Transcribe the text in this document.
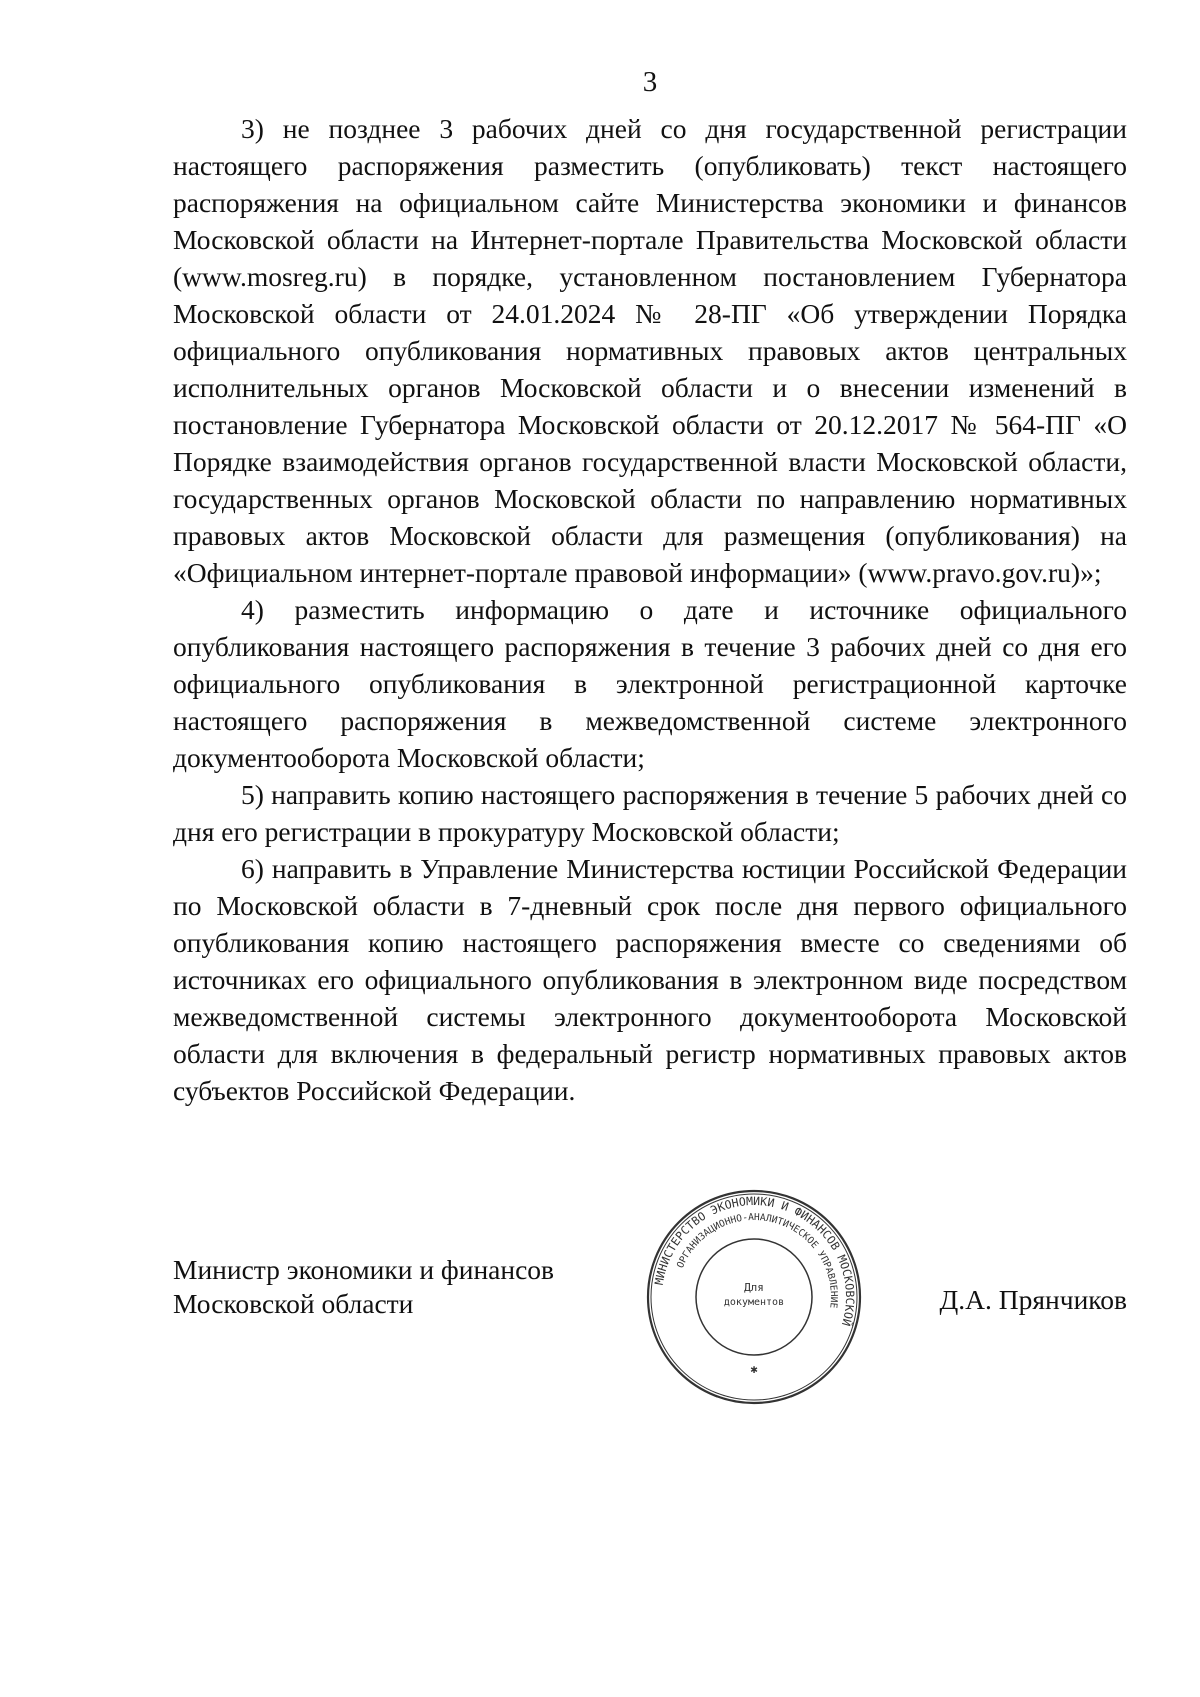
3

3) не позднее 3 рабочих дней со дня государственной регистрации настоящего распоряжения разместить (опубликовать) текст настоящего распоряжения на официальном сайте Министерства экономики и финансов Московской области на Интернет-портале Правительства Московской области (www.mosreg.ru) в порядке, установленном постановлением Губернатора Московской области от 24.01.2024 № 28-ПГ «Об утверждении Порядка официального опубликования нормативных правовых актов центральных исполнительных органов Московской области и о внесении изменений в постановление Губернатора Московской области от 20.12.2017 № 564-ПГ «О Порядке взаимодействия органов государственной власти Московской области, государственных органов Московской области по направлению нормативных правовых актов Московской области для размещения (опубликования) на «Официальном интернет-портале правовой информации» (www.pravo.gov.ru)»;

4) разместить информацию о дате и источнике официального опубликования настоящего распоряжения в течение 3 рабочих дней со дня его официального опубликования в электронной регистрационной карточке настоящего распоряжения в межведомственной системе электронного документооборота Московской области;

5) направить копию настоящего распоряжения в течение 5 рабочих дней со дня его регистрации в прокуратуру Московской области;

6) направить в Управление Министерства юстиции Российской Федерации по Московской области в 7-дневный срок после дня первого официального опубликования копию настоящего распоряжения вместе со сведениями об источниках его официального опубликования в электронном виде посредством межведомственной системы электронного документооборота Московской области для включения в федеральный регистр нормативных правовых актов субъектов Российской Федерации.

Министр экономики и финансов
Московской области
МИНИСТЕРСТВО ЭКОНОМИКИ И ФИНАНСОВ МОСКОВСКОЙ
ОРГАНИЗАЦИОННО-АНАЛИТИЧЕСКОЕ УПРАВЛЕНИЕ
Для
документов
✱
Д.А. Прянчиков
